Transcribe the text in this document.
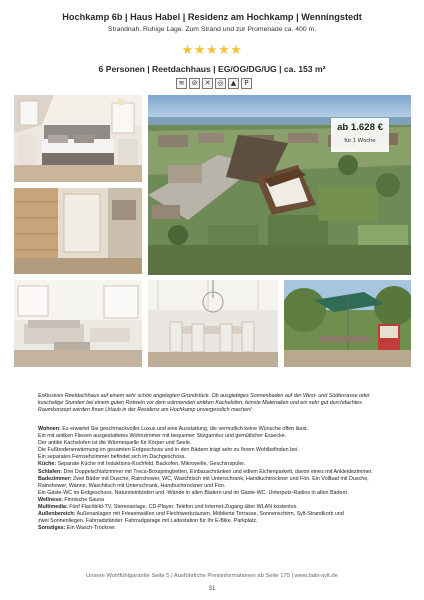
Hochkamp 6b | Haus Habel | Residenz am Hochkamp | Wenningstedt
Strandnah. Ruhige Lage. Zum Strand und zur Promenade ca. 400 m.
★★★★★
6 Personen | Reetdachhaus | EG/OG/DG/UG | ca. 153 m²
≋	⊘	✕	◎	▲	P
ab 1.628 €
für 1 Woche
Exklusives Reetdachhaus auf einem sehr schön angelegten Grundstück. Ob ausgiebiges Sonnenbaden auf der West- und Südterrasse oder
kuschelige Stunden bei einem guten Rotwein vor dem wärmenden antiken Kachelofen, feinste Materialien und ein sehr gut durchdachtes
Raumkonzept werden Ihren Urlaub in der Residenz am Hochkamp unvergesslich machen!
Wohnen: Es erwartet Sie geschmackvoller Luxus und eine Ausstattung, die vermutlich keine Wünsche offen lässt.
Ein mit antiken Fliesen ausgestattetes Wohnzimmer mit bequemer Sitzgarnitur und gemütlicher Essecke.
Der antike Kachelofen ist die Wärmequelle für Körper und Seele.
Die Fußbodenerwärmung im gesamten Erdgeschoss und in den Bädern trägt sehr zu Ihrem Wohlbefinden bei.
Ein separates Fernsehzimmer befindet sich im Dachgeschoss.
Küche: Separate Küche mit Induktions-Kochfeld, Backofen, Mikrowelle, Geschirrspüler.
Schlafen: Drei Doppelschlafzimmer mit Treca-Boxspringbetten, Einbauschränken und edlem Eichenparkett, davon eines mit Ankleidezimmer.
Badezimmer: Zwei Bäder mit Dusche, Rainshower, WC, Waschtisch mit Unterschrank, Handtuchtrockner und Fön. Ein Vollbad mit Dusche,
Rainshower, Wanne, Waschtisch mit Unterschrank, Handtuchtrockner und Fön.
Ein Gäste-WC im Erdgeschoss. Natursteinböden und -Wände in allen Bädern und im Gäste-WC. Unterputz-Radios in allen Bädern.
Wellness: Finnische Sauna
Multimedia: Fünf Flachbild-TV, Stereoanlage, CD-Player. Telefon und Internet-Zugang über WLAN kostenlos.
Außenbereich: Außenanlagen mit Friesenwällen und Flechtwerkzäunen. Möblierte Terrasse, Sonnenschirm, Sylt-Strandkorb und
zwei Sonnenliegen. Fahrradständer. Fahrradgarage mit Ladestation für Ihr E-Bike. Parkplatz.
Sonstiges: Ein Wasch-Trockner.
Unsere Wohlfühlgarantie Seite 5 | Ausführliche Preisinformationen ab Seite 175 | www.bals-sylt.de
31
